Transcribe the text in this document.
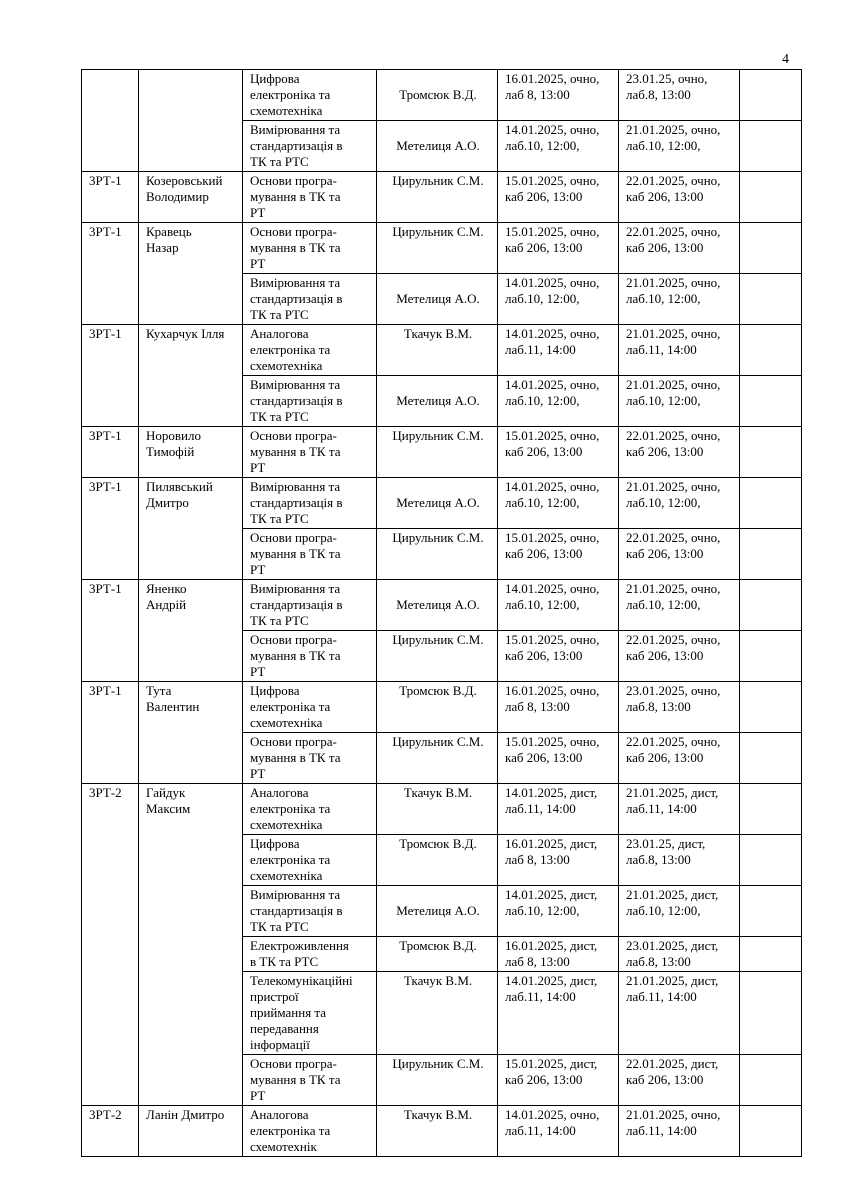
4
		Цифрова
електроніка та
схемотехніка	Тромсюк В.Д.	16.01.2025, очно,
лаб 8, 13:00	23.01.25, очно,
лаб.8, 13:00	
		Вимірювання та
стандартизація в
ТК та РТС	Метелиця А.О.	14.01.2025, очно,
лаб.10, 12:00,	21.01.2025, очно,
лаб.10, 12:00,	
3РТ-1	Козеровський
Володимир	Основи програ-
мування в ТК та
РТ	Цирульник С.М.	15.01.2025, очно,
каб 206, 13:00	22.01.2025, очно,
каб 206, 13:00	
3РТ-1	Кравець
Назар	Основи програ-
мування в ТК та
РТ	Цирульник С.М.	15.01.2025, очно,
каб 206, 13:00	22.01.2025, очно,
каб 206, 13:00	
		Вимірювання та
стандартизація в
ТК та РТС	Метелиця А.О.	14.01.2025, очно,
лаб.10, 12:00,	21.01.2025, очно,
лаб.10, 12:00,	
3РТ-1	Кухарчук Ілля	Аналогова
електроніка та
схемотехніка	Ткачук В.М.	14.01.2025, очно,
лаб.11, 14:00	21.01.2025, очно,
лаб.11, 14:00	
		Вимірювання та
стандартизація в
ТК та РТС	Метелиця А.О.	14.01.2025, очно,
лаб.10, 12:00,	21.01.2025, очно,
лаб.10, 12:00,	
3РТ-1	Норовило
Тимофій	Основи програ-
мування в ТК та
РТ	Цирульник С.М.	15.01.2025, очно,
каб 206, 13:00	22.01.2025, очно,
каб 206, 13:00	
3РТ-1	Пилявський
Дмитро	Вимірювання та
стандартизація в
ТК та РТС	Метелиця А.О.	14.01.2025, очно,
лаб.10, 12:00,	21.01.2025, очно,
лаб.10, 12:00,	
		Основи програ-
мування в ТК та
РТ	Цирульник С.М.	15.01.2025, очно,
каб 206, 13:00	22.01.2025, очно,
каб 206, 13:00	
3РТ-1	Яненко
Андрій	Вимірювання та
стандартизація в
ТК та РТС	Метелиця А.О.	14.01.2025, очно,
лаб.10, 12:00,	21.01.2025, очно,
лаб.10, 12:00,	
		Основи програ-
мування в ТК та
РТ	Цирульник С.М.	15.01.2025, очно,
каб 206, 13:00	22.01.2025, очно,
каб 206, 13:00	
3РТ-1	Тута
Валентин	Цифрова
електроніка та
схемотехніка	Тромсюк В.Д.	16.01.2025, очно,
лаб 8, 13:00	23.01.2025, очно,
лаб.8, 13:00	
		Основи програ-
мування в ТК та
РТ	Цирульник С.М.	15.01.2025, очно,
каб 206, 13:00	22.01.2025, очно,
каб 206, 13:00	
3РТ-2	Гайдук
Максим	Аналогова
електроніка та
схемотехніка	Ткачук В.М.	14.01.2025, дист,
лаб.11, 14:00	21.01.2025, дист,
лаб.11, 14:00	
		Цифрова
електроніка та
схемотехніка	Тромсюк В.Д.	16.01.2025, дист,
лаб 8, 13:00	23.01.25, дист,
лаб.8, 13:00	
		Вимірювання та
стандартизація в
ТК та РТС	Метелиця А.О.	14.01.2025, дист,
лаб.10, 12:00,	21.01.2025, дист,
лаб.10, 12:00,	
		Електроживлення
в ТК та РТС	Тромсюк В.Д.	16.01.2025, дист,
лаб 8, 13:00	23.01.2025, дист,
лаб.8, 13:00	
		Телекомунікаційні
пристрої
приймання та
передавання
інформації	Ткачук В.М.	14.01.2025, дист,
лаб.11, 14:00	21.01.2025, дист,
лаб.11, 14:00	
		Основи програ-
мування в ТК та
РТ	Цирульник С.М.	15.01.2025, дист,
каб 206, 13:00	22.01.2025, дист,
каб 206, 13:00	
3РТ-2	Ланін Дмитро	Аналогова
електроніка та
схемотехнік	Ткачук В.М.	14.01.2025, очно,
лаб.11, 14:00	21.01.2025, очно,
лаб.11, 14:00	
